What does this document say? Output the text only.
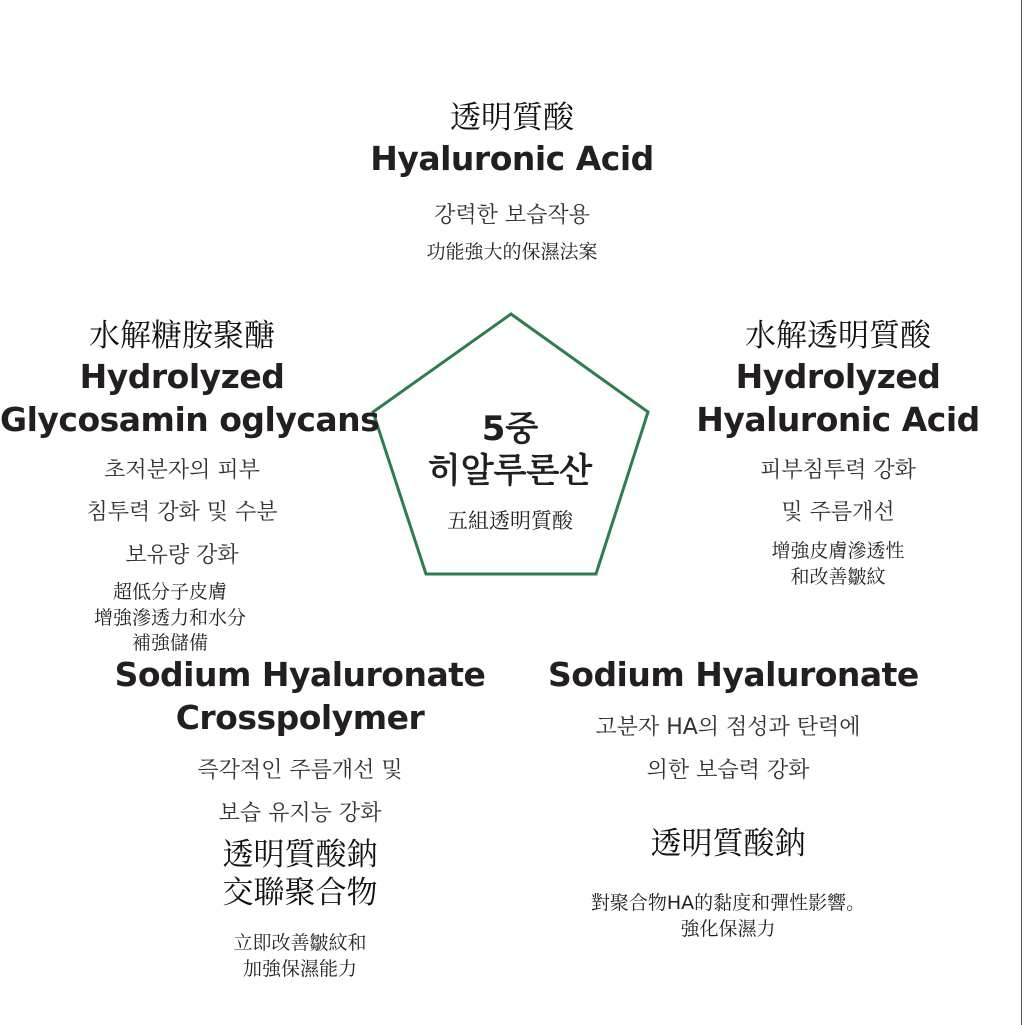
透明質酸
Hyaluronic Acid
강력한 보습작용
功能強大的保濕法案
水解糖胺聚醣
Hydrolyzed
Glycosamin oglycans
초저분자의 피부
침투력 강화 및 수분
보유량 강화
超低分子皮膚
增強滲透力和水分
補強儲備
水解透明質酸
Hydrolyzed
Hyaluronic Acid
피부침투력 강화
및 주름개선
增強皮膚滲透性
和改善皺紋
Sodium Hyaluronate
Crosspolymer
즉각적인 주름개선 및
보습 유지능 강화
透明質酸鈉
交聯聚合物
立即改善皺紋和
加強保濕能力
Sodium Hyaluronate
고분자 HA의 점성과 탄력에
의한 보습력 강화
透明質酸鈉
對聚合物HA的黏度和彈性影響。
強化保濕力
5중
히알루론산
五組透明質酸
